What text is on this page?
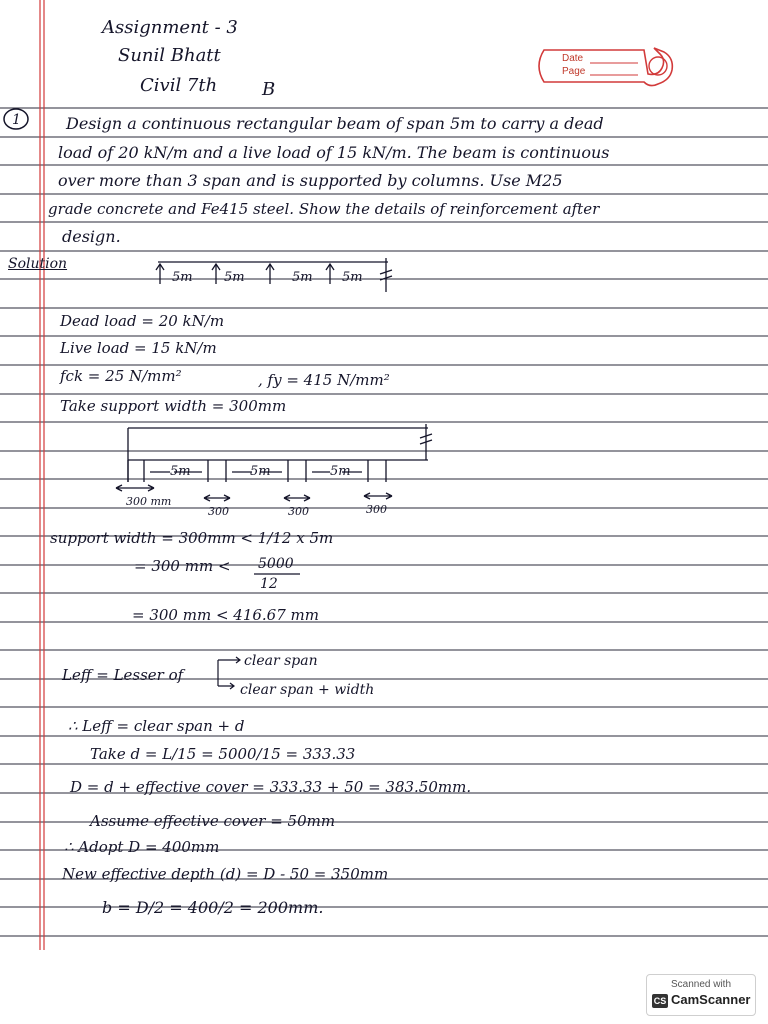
Assignment - 3
Sunil Bhatt
Civil 7th B
Date
Page
1	Design a continuous rectangular beam of span 5m to carry a dead
load of 20 kN/m and a live load of 15 kN/m. The beam is continuous
over more than 3 span and is supported by columns. Use M25
grade concrete and Fe415 steel. Show the details of reinforcement after
design.
Solution
5m 5m	5m 5m
Dead load = 20 kN/m
Live load = 15 kN/m
fck = 25 N/mm²	, fy = 415 N/mm²
Take support width = 300mm
5m	5m	5m
300 mm
300	300	300
support width = 300mm < 1/12 x 5m
= 300 mm < 5000
12
= 300 mm < 416.67 mm
Leff = Lesser of
clear span
clear span + width
∴ Leff = clear span + d
Take d = L/15 = 5000/15 = 333.33
D = d + effective cover = 333.33 + 50 = 383.50mm.
Assume effective cover = 50mm
∴ Adopt D = 400mm
New effective depth (d) = D - 50 = 350mm
b = D/2 = 400/2 = 200mm.
Scanned with
CS CamScanner
